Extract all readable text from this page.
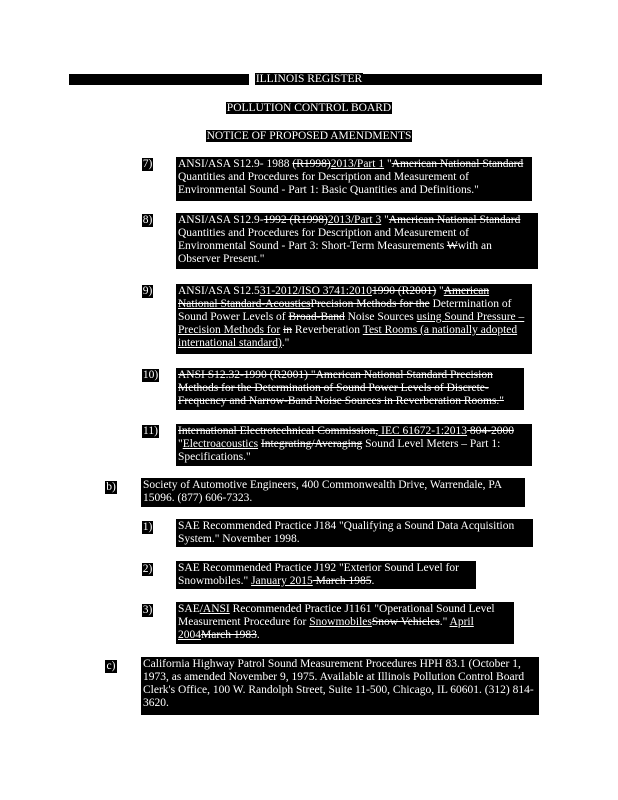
ILLINOIS REGISTER
POLLUTION CONTROL BOARD
NOTICE OF PROPOSED AMENDMENTS
7) ANSI/ASA S12.9- 1988 (R1998)2013/Part 1 "American National Standard Quantities and Procedures for Description and Measurement of Environmental Sound - Part 1: Basic Quantities and Definitions."
8) ANSI/ASA S12.9-1992 (R1998)2013/Part 3 "American National Standard Quantities and Procedures for Description and Measurement of Environmental Sound - Part 3: Short-Term Measurements Wwith an Observer Present."
9) ANSI/ASA S12.531-2012/ISO 3741:20101990 (R2001) "American National Standard-AcousticsPrecision Methods for the Determination of Sound Power Levels of Broad-Band Noise Sources using Sound Pressure – Precision Methods for in Reverberation Test Rooms (a nationally adopted international standard)."
10) ANSI S12.32-1990 (R2001) "American National Standard Precision Methods for the Determination of Sound Power Levels of Discrete-Frequency and Narrow-Band Noise Sources in Reverberation Rooms."
11) International Electrotechnical Commission, IEC 61672-1:2013 804-2000 "Electroacoustics Integrating/Averaging Sound Level Meters – Part 1: Specifications."
b) Society of Automotive Engineers, 400 Commonwealth Drive, Warrendale, PA 15096. (877) 606-7323.
1) SAE Recommended Practice J184 "Qualifying a Sound Data Acquisition System." November 1998.
2) SAE Recommended Practice J192 "Exterior Sound Level for Snowmobiles." January 2015 March 1985.
3) SAE/ANSI Recommended Practice J1161 "Operational Sound Level Measurement Procedure for SnowmobilesSnow Vehicles." April 2004March 1983.
c) California Highway Patrol Sound Measurement Procedures HPH 83.1 (October 1, 1973, as amended November 9, 1975. Available at Illinois Pollution Control Board Clerk's Office, 100 W. Randolph Street, Suite 11-500, Chicago, IL 60601. (312) 814-3620.
